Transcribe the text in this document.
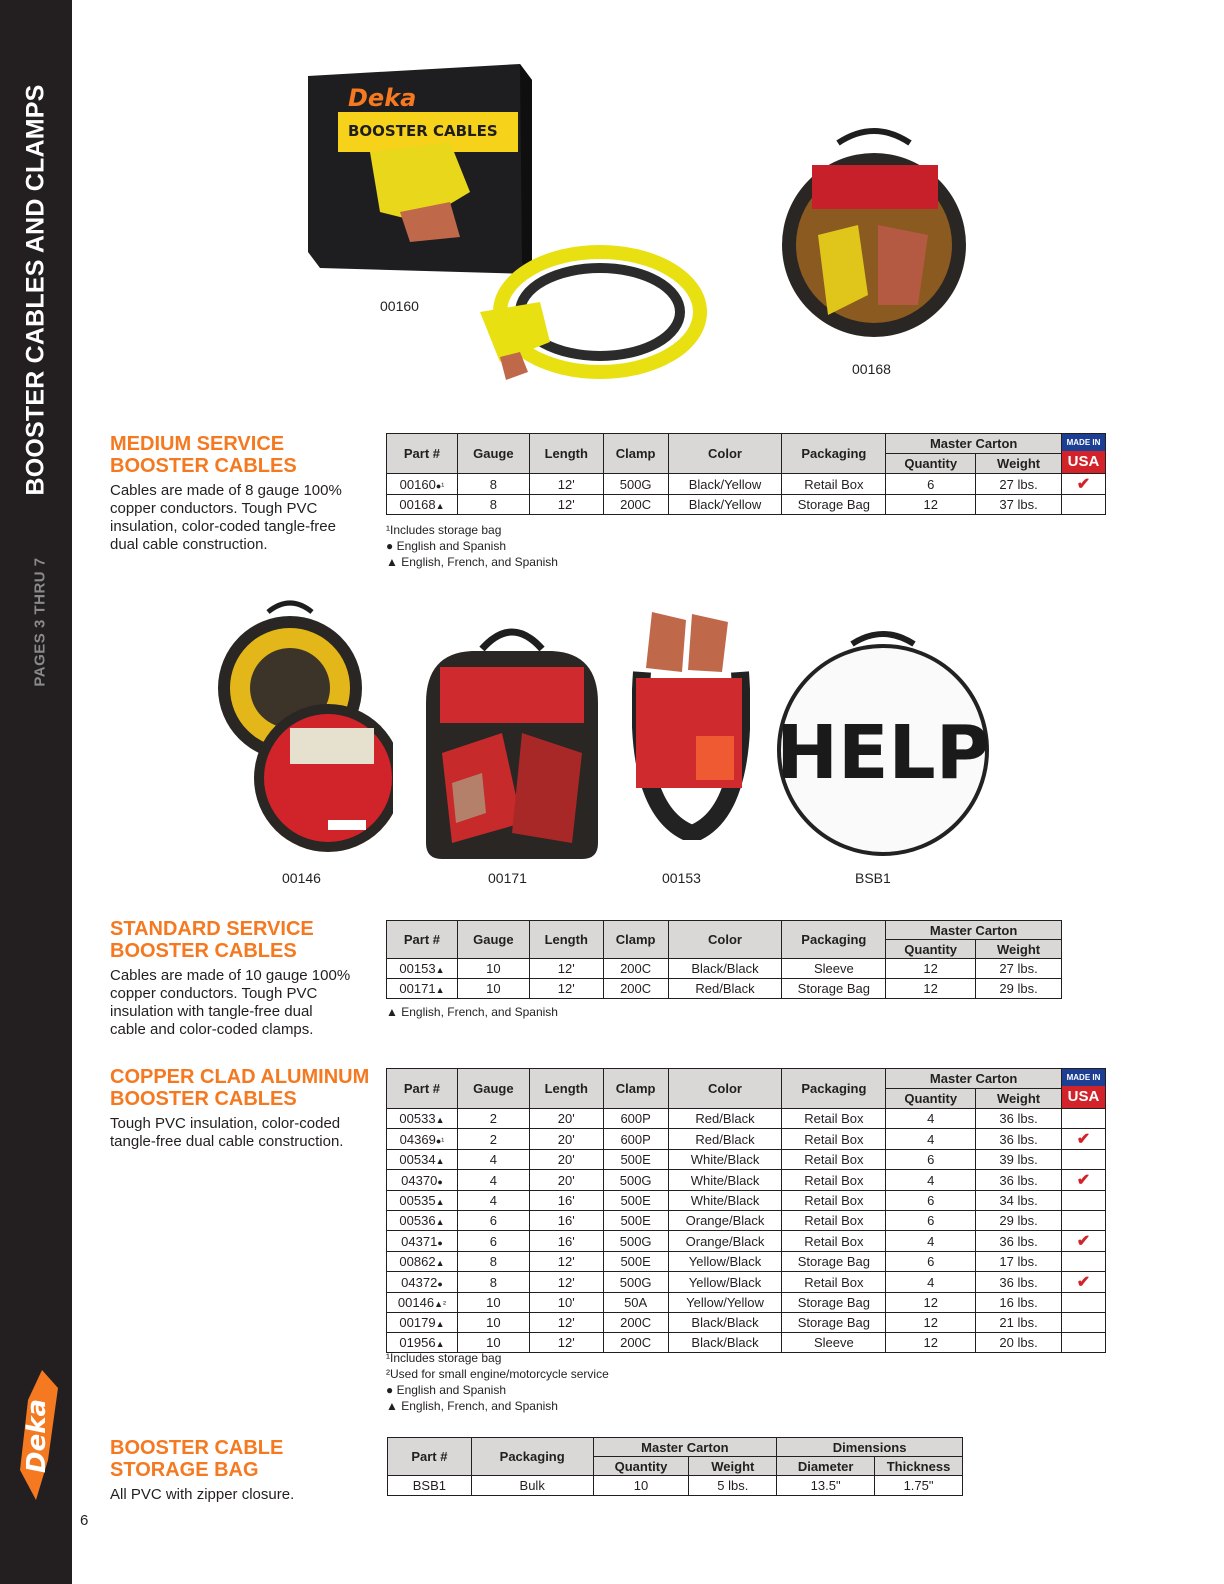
BOOSTER CABLES AND CLAMPS
PAGES 3 THRU 7
Deka
6
Deka
BOOSTER CABLES
00160
00168
MEDIUM SERVICE
BOOSTER CABLES
Cables are made of 8 gauge 100%
copper conductors. Tough PVC
insulation, color-coded tangle-free
dual cable construction.
Part #	Gauge	Length	Clamp	Color	Packaging	Master Carton		MADE IN
USA

						Quantity	Weight	
00160●¹	8	12'	500G	Black/Yellow	Retail Box	6	27 lbs.	✔
00168▲	8	12'	200C	Black/Yellow	Storage Bag	12	37 lbs.	
¹Includes storage bag
● English and Spanish
▲ English, French, and Spanish
HELP
00146	00171	00153	BSB1
STANDARD SERVICE
BOOSTER CABLES
Cables are made of 10 gauge 100%
copper conductors. Tough PVC
insulation with tangle-free dual
cable and color-coded clamps.
Part #	Gauge	Length	Clamp	Color	Packaging	Master Carton	
						Quantity	Weight
00153▲	10	12'	200C	Black/Black	Sleeve	12	27 lbs.
00171▲	10	12'	200C	Red/Black	Storage Bag	12	29 lbs.
▲ English, French, and Spanish
COPPER CLAD ALUMINUM
BOOSTER CABLES
Tough PVC insulation, color-coded
tangle-free dual cable construction.
Part #	Gauge	Length	Clamp	Color	Packaging	Master Carton		MADE IN
USA

						Quantity	Weight	
00533▲	2	20'	600P	Red/Black	Retail Box	4	36 lbs.	
04369●¹	2	20'	600P	Red/Black	Retail Box	4	36 lbs.	✔
00534▲	4	20'	500E	White/Black	Retail Box	6	39 lbs.	
04370●	4	20'	500G	White/Black	Retail Box	4	36 lbs.	✔
00535▲	4	16'	500E	White/Black	Retail Box	6	34 lbs.	
00536▲	6	16'	500E	Orange/Black	Retail Box	6	29 lbs.	
04371●	6	16'	500G	Orange/Black	Retail Box	4	36 lbs.	✔
00862▲	8	12'	500E	Yellow/Black	Storage Bag	6	17 lbs.	
04372●	8	12'	500G	Yellow/Black	Retail Box	4	36 lbs.	✔
00146▲²	10	10'	50A	Yellow/Yellow	Storage Bag	12	16 lbs.	
00179▲	10	12'	200C	Black/Black	Storage Bag	12	21 lbs.	
01956▲	10	12'	200C	Black/Black	Sleeve	12	20 lbs.	
¹Includes storage bag
²Used for small engine/motorcycle service
● English and Spanish
▲ English, French, and Spanish
BOOSTER CABLE
STORAGE BAG
All PVC with zipper closure.
Part #	Packaging	Master Carton		Dimensions	
		Quantity	Weight	Diameter	Thickness
BSB1	Bulk	10	5 lbs.	13.5"	1.75"
